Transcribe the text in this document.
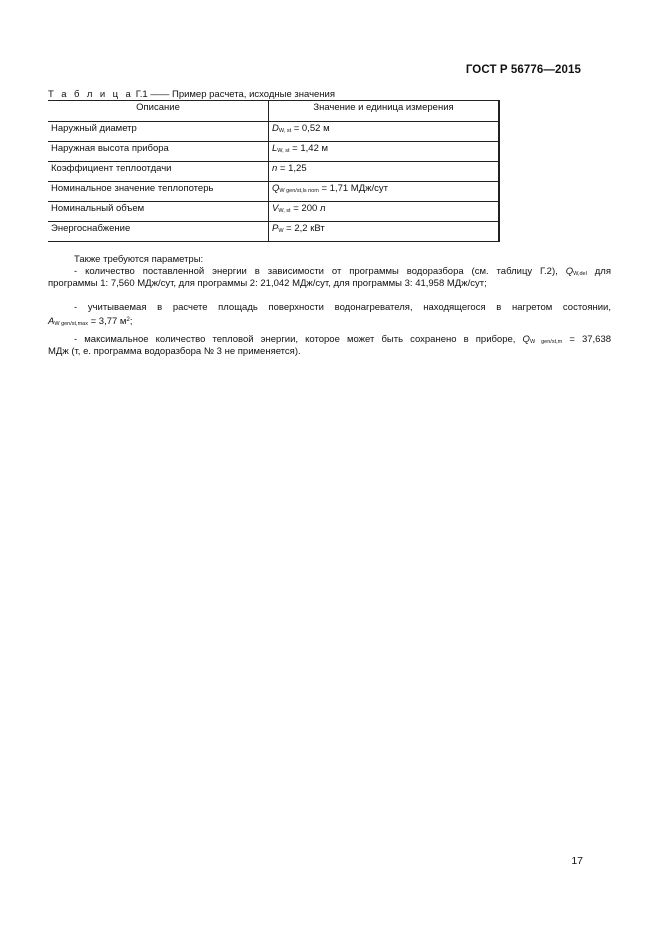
ГОСТ Р 56776—2015
Т а б л и ц а Г.1 —— Пример расчета, исходные значения
Описание	Значение и единица измерения
Наружный диаметр	$D_{W, st} = 0,52$ м
Наружная высота прибора	$L_{W, st} = 1,42$ м
Коэффициент теплоотдачи	n = 1,25
Номинальное значение теплопотерь	$Q_{W gen/st,ls nom} = 1,71$ МДж/сут
Номинальный объем	$V_{W, st} = 200$ л
Энергоснабжение	$P_W = 2,2$ кВт
Также требуются параметры:
- количество поставленной энергии в зависимости от программы водоразбора (см. таблицу Г.2), QW,del для
программы 1: 7,560 МДж/сут, для программы 2: 21,042 МДж/сут, для программы 3: 41,958 МДж/сут;
- учитываемая в расчете площадь поверхности водонагревателя, находящегося в нагретом состоянии,
AW gen/st,max = 3,77 $м^2$;
- максимальное количество тепловой энергии, которое может быть сохранено в приборе, QW gen/st,m = 37,638
МДж (т, е. программа водоразбора № 3 не применяется).
17
